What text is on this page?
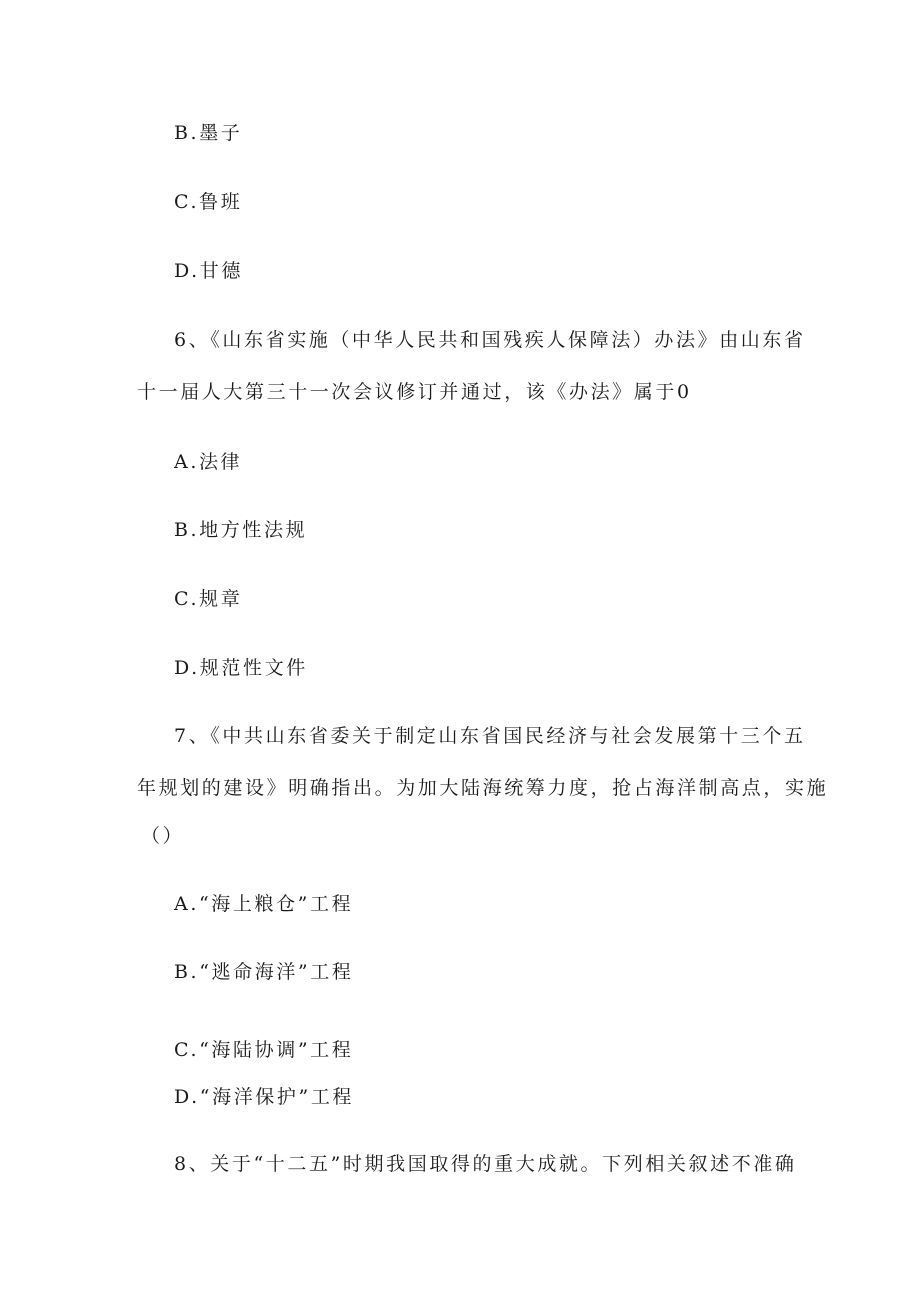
B.墨子
C.鲁班
D.甘德
6、《山东省实施（中华人民共和国残疾人保障法）办法》由山东省
十一届人大第三十一次会议修订并通过，该《办法》属于0
A.法律
B.地方性法规
C.规章
D.规范性文件
7、《中共山东省委关于制定山东省国民经济与社会发展第十三个五
年规划的建设》明确指出。为加大陆海统筹力度，抢占海洋制高点，实施
（）
A.“海上粮仓”工程
B.“逃命海洋”工程
C.“海陆协调”工程
D.“海洋保护”工程
8、关于“十二五”时期我国取得的重大成就。下列相关叙述不准确
